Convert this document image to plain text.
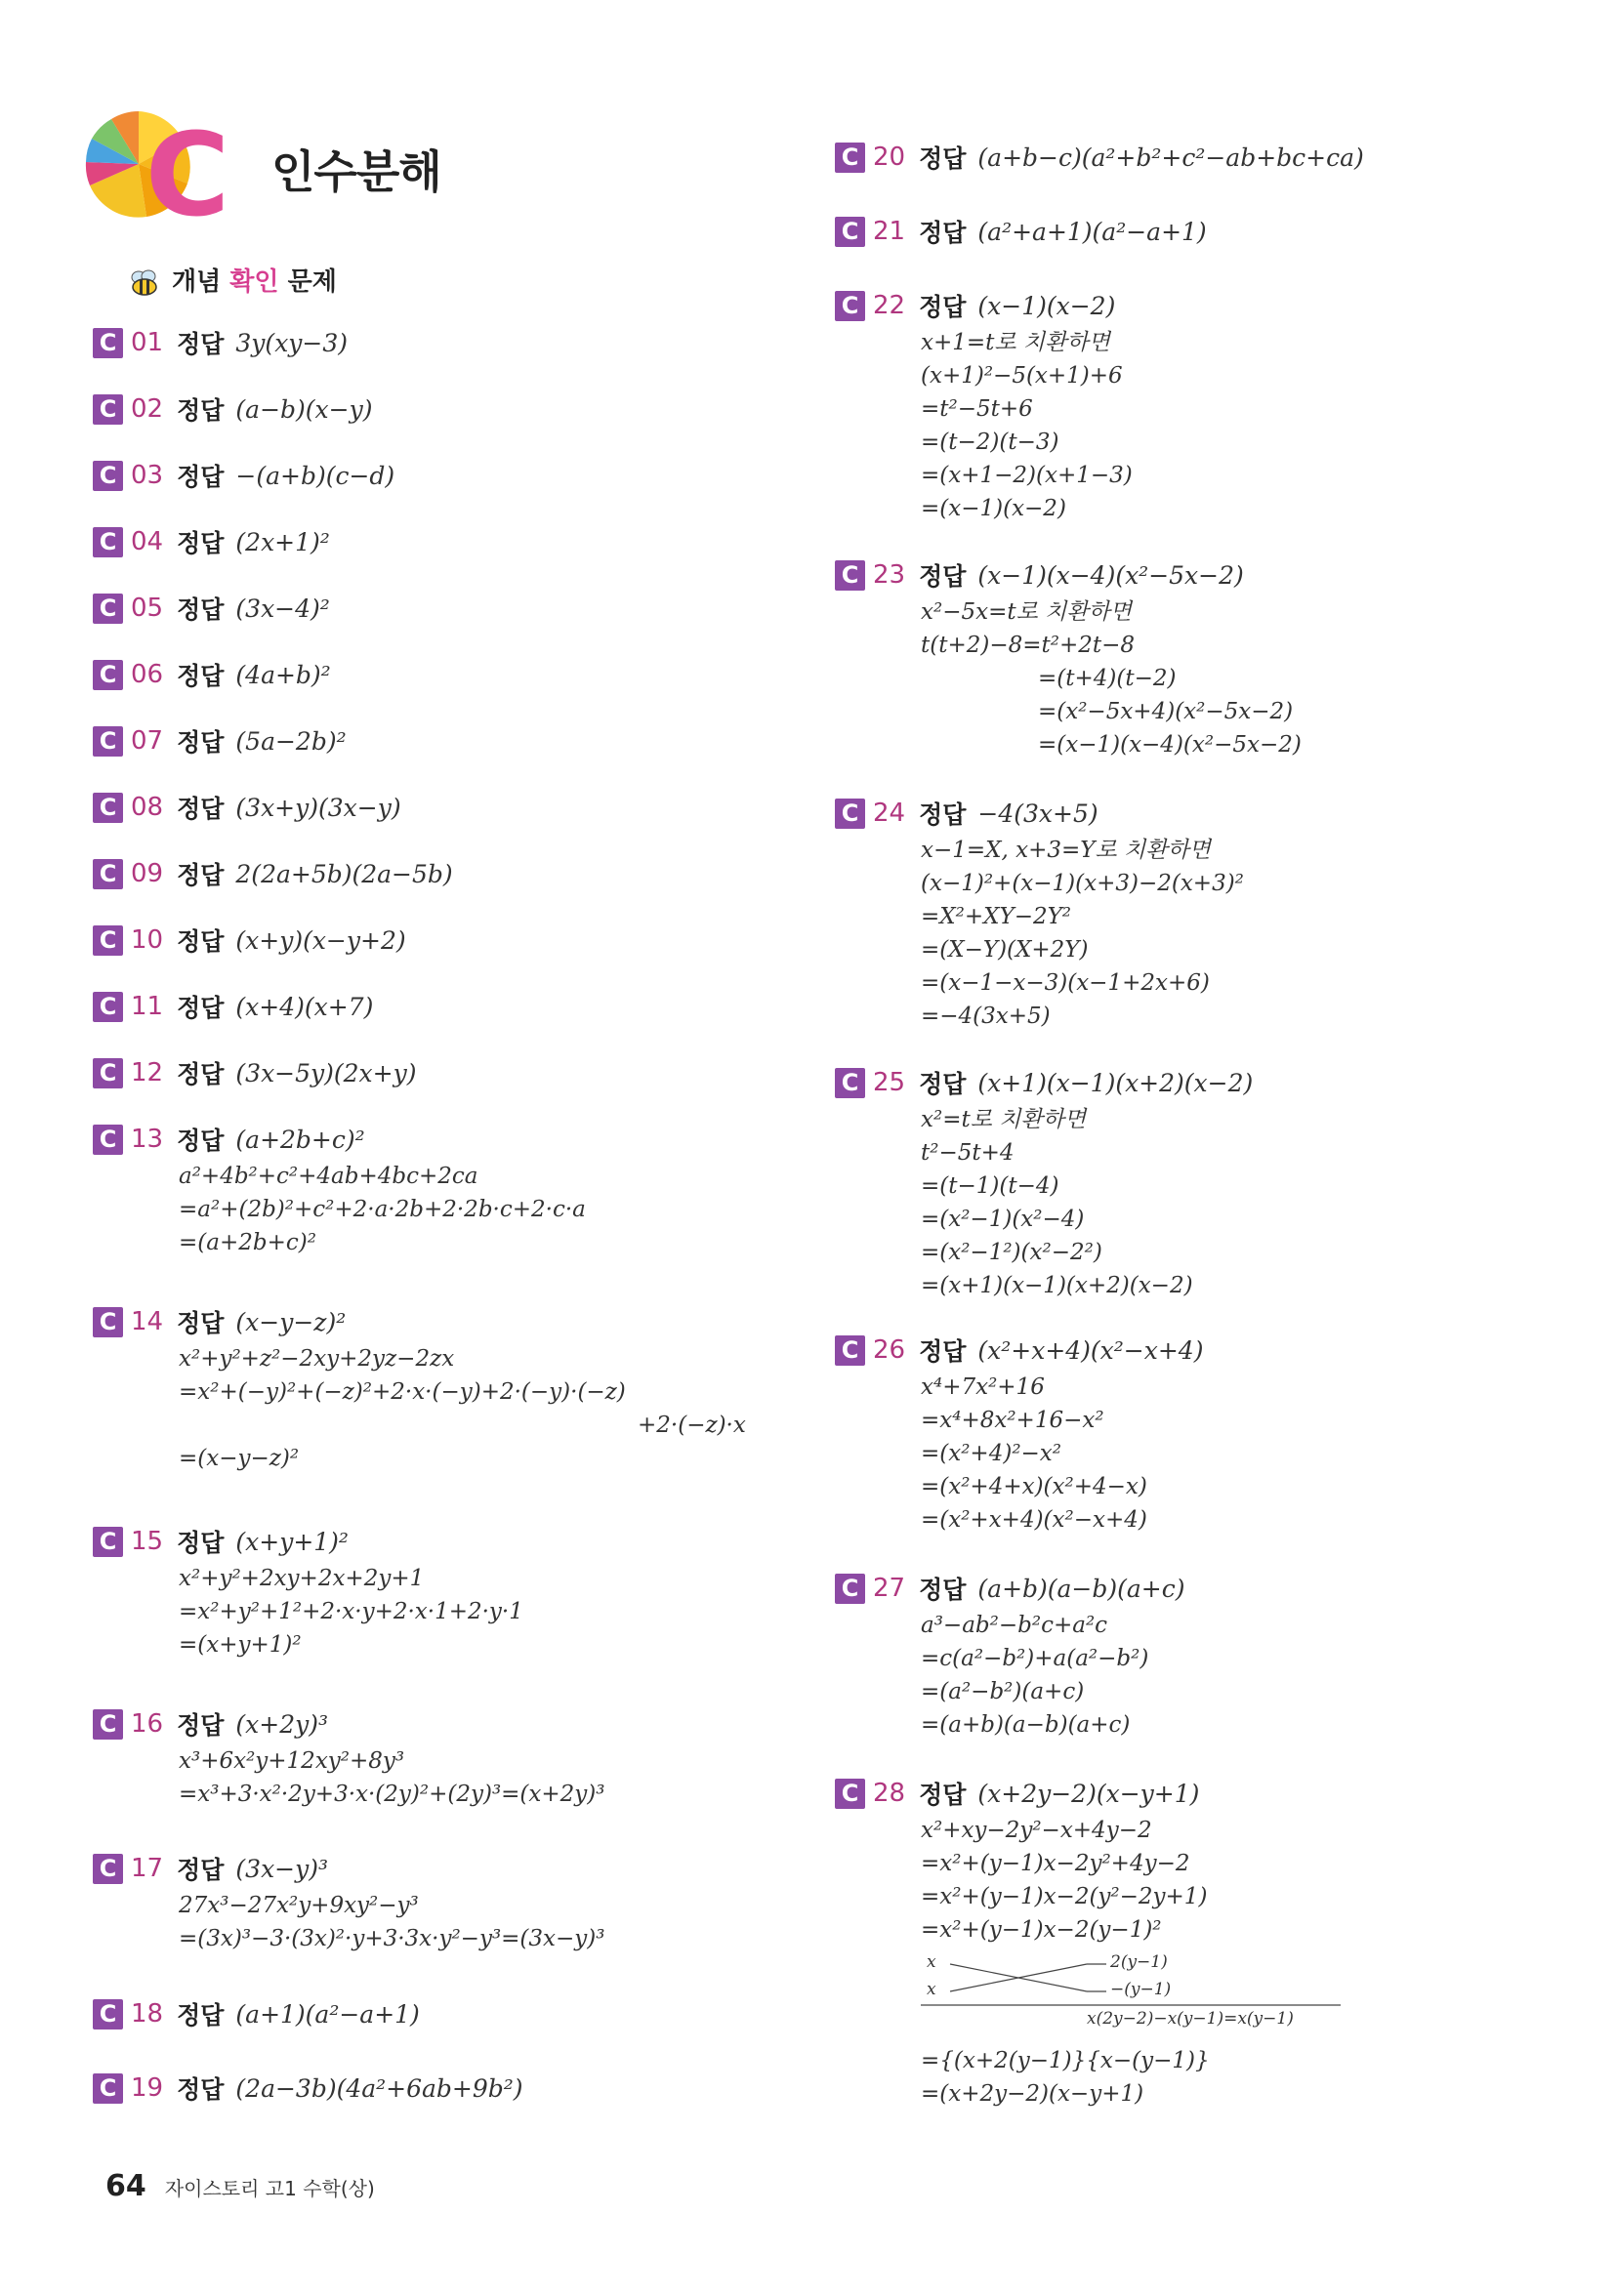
C 인수분해
개념 확인 문제
C 01 정답 3y(xy−3)
C 02 정답 (a−b)(x−y)
C 03 정답 −(a+b)(c−d)
C 04 정답 (2x+1)²
C 05 정답 (3x−4)²
C 06 정답 (4a+b)²
C 07 정답 (5a−2b)²
C 08 정답 (3x+y)(3x−y)
C 09 정답 2(2a+5b)(2a−5b)
C 10 정답 (x+y)(x−y+2)
C 11 정답 (x+4)(x+7)
C 12 정답 (3x−5y)(2x+y)
C 13 정답 (a+2b+c)²
a²+4b²+c²+4ab+4bc+2ca
=a²+(2b)²+c²+2·a·2b+2·2b·c+2·c·a
=(a+2b+c)²
C 14 정답 (x−y−z)²
x²+y²+z²−2xy+2yz−2zx
=x²+(−y)²+(−z)²+2·x·(−y)+2·(−y)·(−z)
+2·(−z)·x
=(x−y−z)²
C 15 정답 (x+y+1)²
x²+y²+2xy+2x+2y+1
=x²+y²+1²+2·x·y+2·x·1+2·y·1
=(x+y+1)²
C 16 정답 (x+2y)³
x³+6x²y+12xy²+8y³
=x³+3·x²·2y+3·x·(2y)²+(2y)³=(x+2y)³
C 17 정답 (3x−y)³
27x³−27x²y+9xy²−y³
=(3x)³−3·(3x)²·y+3·3x·y²−y³=(3x−y)³
C 18 정답 (a+1)(a²−a+1)
C 19 정답 (2a−3b)(4a²+6ab+9b²)
C 20 정답 (a+b−c)(a²+b²+c²−ab+bc+ca)
C 21 정답 (a²+a+1)(a²−a+1)
C 22 정답 (x−1)(x−2)
x+1=t로 치환하면
(x+1)²−5(x+1)+6
=t²−5t+6
=(t−2)(t−3)
=(x+1−2)(x+1−3)
=(x−1)(x−2)
C 23 정답 (x−1)(x−4)(x²−5x−2)
x²−5x=t로 치환하면
t(t+2)−8=t²+2t−8
=(t+4)(t−2)
=(x²−5x+4)(x²−5x−2)
=(x−1)(x−4)(x²−5x−2)
C 24 정답 −4(3x+5)
x−1=X, x+3=Y로 치환하면
(x−1)²+(x−1)(x+3)−2(x+3)²
=X²+XY−2Y²
=(X−Y)(X+2Y)
=(x−1−x−3)(x−1+2x+6)
=−4(3x+5)
C 25 정답 (x+1)(x−1)(x+2)(x−2)
x²=t로 치환하면
t²−5t+4
=(t−1)(t−4)
=(x²−1)(x²−4)
=(x²−1²)(x²−2²)
=(x+1)(x−1)(x+2)(x−2)
C 26 정답 (x²+x+4)(x²−x+4)
x⁴+7x²+16
=x⁴+8x²+16−x²
=(x²+4)²−x²
=(x²+4+x)(x²+4−x)
=(x²+x+4)(x²−x+4)
C 27 정답 (a+b)(a−b)(a+c)
a³−ab²−b²c+a²c
=c(a²−b²)+a(a²−b²)
=(a²−b²)(a+c)
=(a+b)(a−b)(a+c)
C 28 정답 (x+2y−2)(x−y+1)
x²+xy−2y²−x+4y−2
=x²+(y−1)x−2y²+4y−2
=x²+(y−1)x−2(y²−2y+1)
=x²+(y−1)x−2(y−1)²
x
x
2(y−1)
−(y−1)
x(2y−2)−x(y−1)=x(y−1)
={(x+2(y−1)}{x−(y−1)}
=(x+2y−2)(x−y+1)
64 자이스토리 고1 수학(상)
